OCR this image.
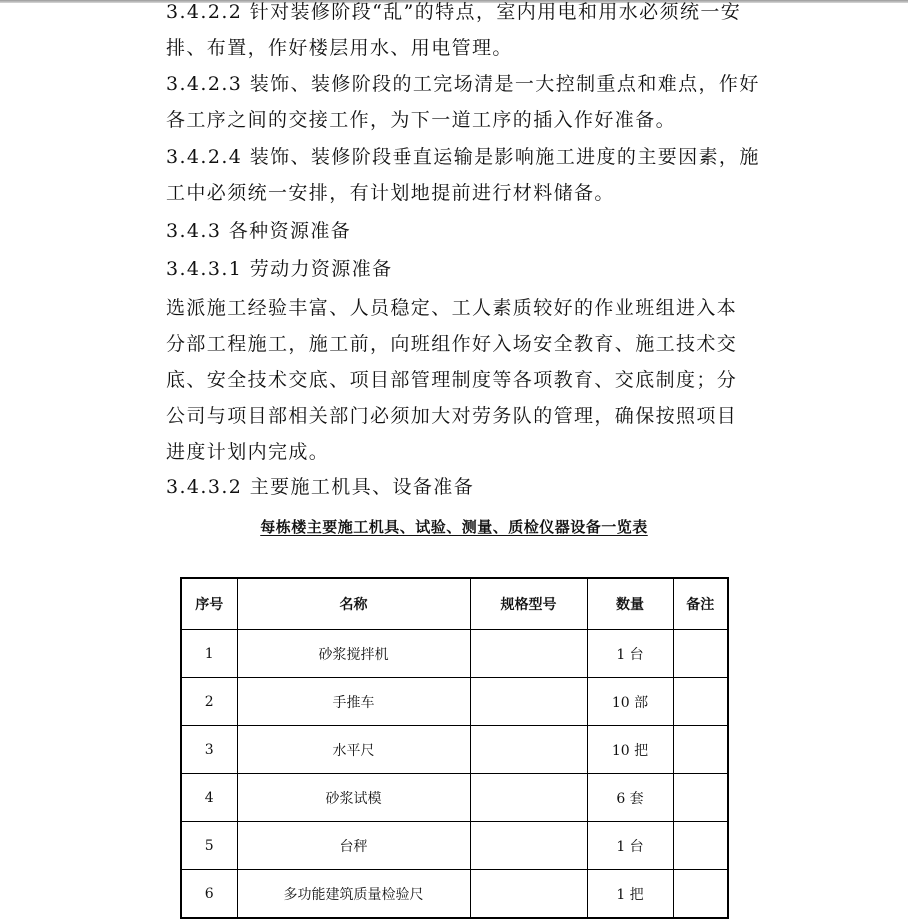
3.4.2.2 针对装修阶段“乱”的特点，室内用电和用水必须统一安
排、布置，作好楼层用水、用电管理。
3.4.2.3 装饰、装修阶段的工完场清是一大控制重点和难点，作好
各工序之间的交接工作，为下一道工序的插入作好准备。
3.4.2.4 装饰、装修阶段垂直运输是影响施工进度的主要因素，施
工中必须统一安排，有计划地提前进行材料储备。
3.4.3 各种资源准备
3.4.3.1 劳动力资源准备
选派施工经验丰富、人员稳定、工人素质较好的作业班组进入本
分部工程施工，施工前，向班组作好入场安全教育、施工技术交
底、安全技术交底、项目部管理制度等各项教育、交底制度；分
公司与项目部相关部门必须加大对劳务队的管理，确保按照项目
进度计划内完成。
3.4.3.2 主要施工机具、设备准备
每栋楼主要施工机具、试验、测量、质检仪器设备一览表
序号	名称	规格型号	数量	备注
1	砂浆搅拌机		1 台	
2	手推车		10 部	
3	水平尺		10 把	
4	砂浆试模		6 套	
5	台秤		1 台	
6	多功能建筑质量检验尺		1 把	
